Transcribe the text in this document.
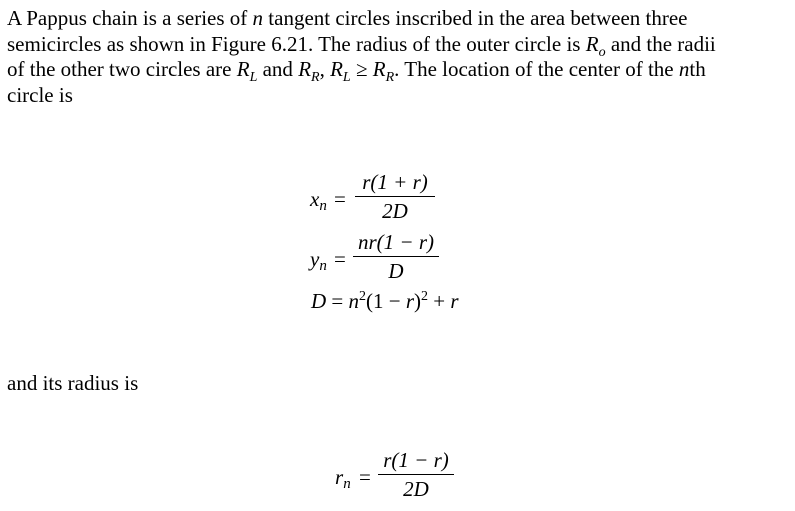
A Pappus chain is a series of n tangent circles inscribed in the area between three
semicircles as shown in Figure 6.21. The radius of the outer circle is $R_o$ and the radii
of the other two circles are $R_L$ and $R_R$, $R_L \ge R_R$. The location of the center of the nth
circle is
xn =
r(1 + r)
2D
yn =
nr(1 − r)
D
$D = n^2(1 - r)^2 + r$
and its radius is
rn =
r(1 − r)
2D
